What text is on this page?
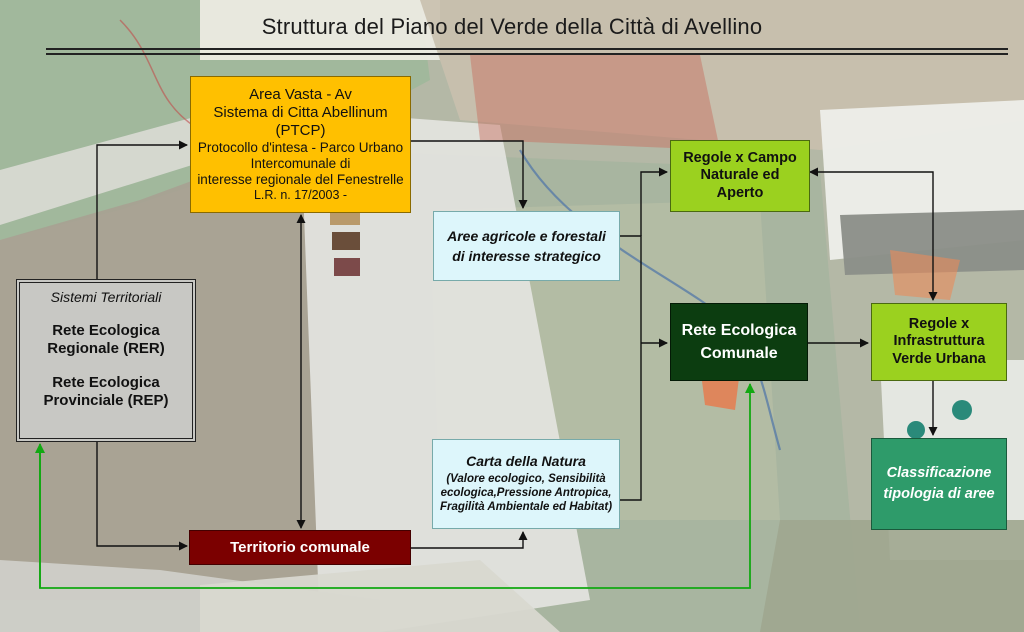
Struttura del Piano del Verde della Città di Avellino
Area Vasta - Av
Sistema di Citta Abellinum
(PTCP)
Protocollo d'intesa - Parco Urbano
Intercomunale di
interesse regionale del Fenestrelle
L.R. n. 17/2003 -
Sistemi Territoriali
Rete Ecologica
Regionale (RER)
Rete Ecologica
Provinciale (REP)
Aree agricole e forestali
di interesse strategico
Carta della Natura
(Valore ecologico, Sensibilità
ecologica,Pressione Antropica,
Fragilità Ambientale ed Habitat)
Territorio comunale
Regole x Campo
Naturale ed
Aperto
Rete Ecologica
Comunale
Regole x
Infrastruttura
Verde Urbana
Classificazione
tipologia di aree
